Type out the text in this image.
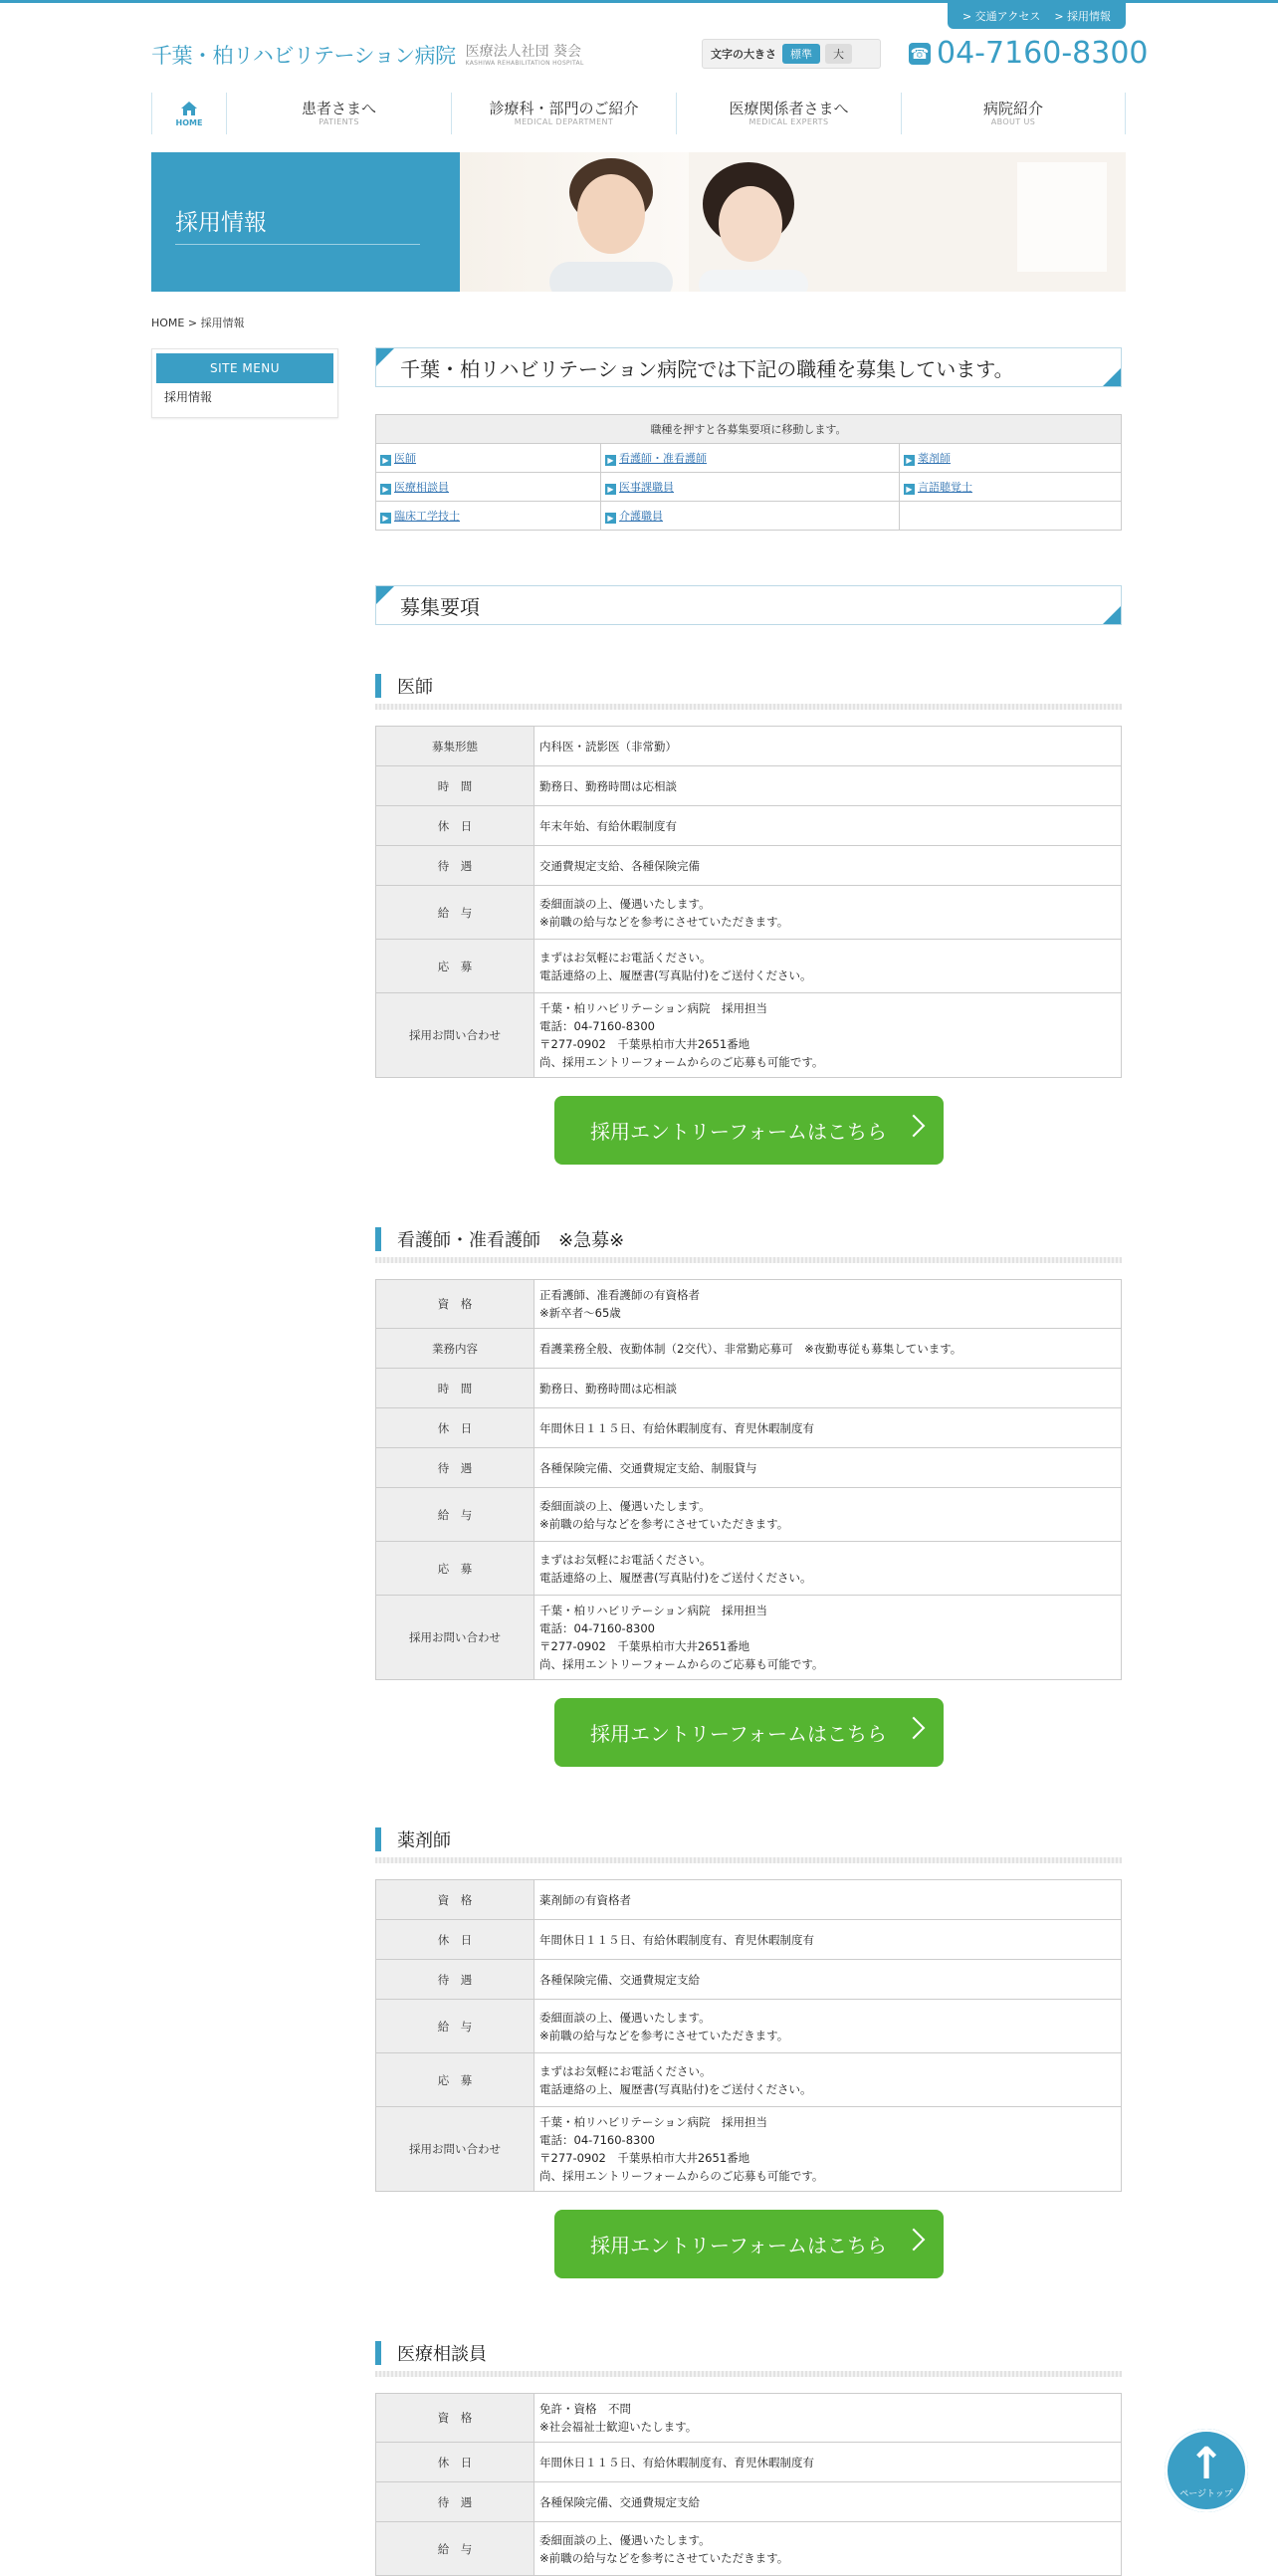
> 交通アクセス > 採用情報
千葉・柏リハビリテーション病院 医療法人社団 葵会
KASHIWA REHABILITATION HOSPITAL
文字の大きさ	標準	大	☎ 04-7160-8300
HOME
患者さまへ
PATIENTS
診療科・部門のご紹介
MEDICAL DEPARTMENT
医療関係者さまへ
MEDICAL EXPERTS
病院紹介
ABOUT US
採用情報
HOME > 採用情報
SITE MENU
採用情報
千葉・柏リハビリテーション病院では下記の職種を募集しています。
職種を押すと各募集要項に移動します。		
▶ 医師	▶ 看護師・准看護師	▶ 薬剤師
▶ 医療相談員	▶ 医事課職員	▶ 言語聴覚士
▶ 臨床工学技士	▶ 介護職員	
募集要項
医師
募集形態	内科医・読影医（非常勤）
時　間	勤務日、勤務時間は応相談
休　日	年末年始、有給休暇制度有
待　遇	交通費規定支給、各種保険完備
給　与	委細面談の上、優遇いたします。
※前職の給与などを参考にさせていただきます。
応　募	まずはお気軽にお電話ください。
電話連絡の上、履歴書(写真貼付)をご送付ください。
採用お問い合わせ	千葉・柏リハビリテーション病院　採用担当
電話：04-7160-8300
〒277-0902　千葉県柏市大井2651番地
尚、採用エントリーフォームからのご応募も可能です。
採用エントリーフォームはこちら
看護師・准看護師　※急募※
資　格	正看護師、准看護師の有資格者
※新卒者～65歳
業務内容	看護業務全般、夜勤体制（2交代）、非常勤応募可　※夜勤専従も募集しています。
時　間	勤務日、勤務時間は応相談
休　日	年間休日１１５日、有給休暇制度有、育児休暇制度有
待　遇	各種保険完備、交通費規定支給、制服貸与
給　与	委細面談の上、優遇いたします。
※前職の給与などを参考にさせていただきます。
応　募	まずはお気軽にお電話ください。
電話連絡の上、履歴書(写真貼付)をご送付ください。
採用お問い合わせ	千葉・柏リハビリテーション病院　採用担当
電話：04-7160-8300
〒277-0902　千葉県柏市大井2651番地
尚、採用エントリーフォームからのご応募も可能です。
採用エントリーフォームはこちら
薬剤師
資　格	薬剤師の有資格者
休　日	年間休日１１５日、有給休暇制度有、育児休暇制度有
待　遇	各種保険完備、交通費規定支給
給　与	委細面談の上、優遇いたします。
※前職の給与などを参考にさせていただきます。
応　募	まずはお気軽にお電話ください。
電話連絡の上、履歴書(写真貼付)をご送付ください。
採用お問い合わせ	千葉・柏リハビリテーション病院　採用担当
電話：04-7160-8300
〒277-0902　千葉県柏市大井2651番地
尚、採用エントリーフォームからのご応募も可能です。
採用エントリーフォームはこちら
医療相談員
資　格	免許・資格　不問
※社会福祉士歓迎いたします。
休　日	年間休日１１５日、有給休暇制度有、育児休暇制度有
待　遇	各種保険完備、交通費規定支給
給　与	委細面談の上、優遇いたします。
※前職の給与などを参考にさせていただきます。
↑
ページトップ
